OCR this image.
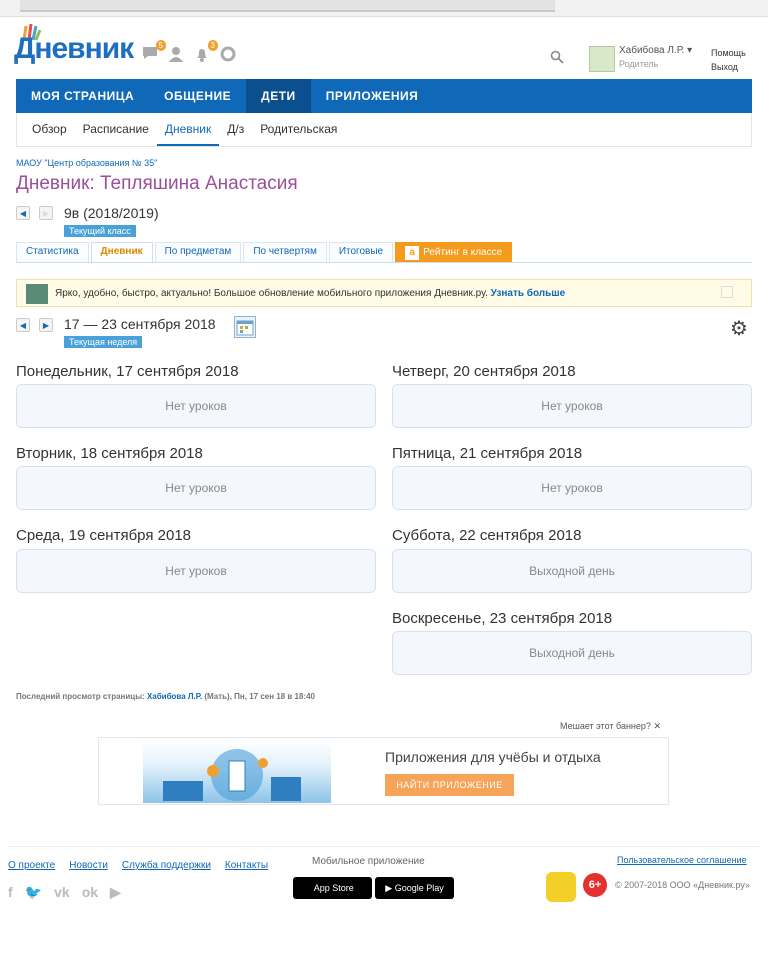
Дневник	5	3	Хабибова Л.Р. ▾
Родитель
Помощь
Выход
МОЯ СТРАНИЦА	ОБЩЕНИЕ	ДЕТИ	ПРИЛОЖЕНИЯ
Обзор	Расписание	Дневник	Д/з	Родительская
МАОУ "Центр образования № 35"
Дневник: Тепляшина Анастасия
◀ ▶ 9в (2018/2019)
Текущий класс
Статистика	Дневник	По предметам	По четвертям	Итоговые	a Рейтинг в классе
Ярко, удобно, быстро, актуально! Большое обновление мобильного приложения Дневник.ру. Узнать больше
◀ ▶ 17 — 23 сентября 2018
Текущая неделя
⚙
Понедельник, 17 сентября 2018
Нет уроков
Вторник, 18 сентября 2018
Нет уроков
Среда, 19 сентября 2018
Нет уроков
Четверг, 20 сентября 2018
Нет уроков
Пятница, 21 сентября 2018
Нет уроков
Суббота, 22 сентября 2018
Выходной день
Воскресенье, 23 сентября 2018
Выходной день
Последний просмотр страницы: Хабибова Л.Р. (Мать), Пн, 17 сен 18 в 18:40
Мешает этот баннер? ✕
Приложения для учёбы и отдыха
НАЙТИ ПРИЛОЖЕНИЕ
О проекте Новости Служба поддержки Контакты
f 🐦 vk ok ▶
Мобильное приложение

App Store	▶
Google Play
Пользовательское соглашение
6+	© 2007-2018 ООО «Дневник.ру»
